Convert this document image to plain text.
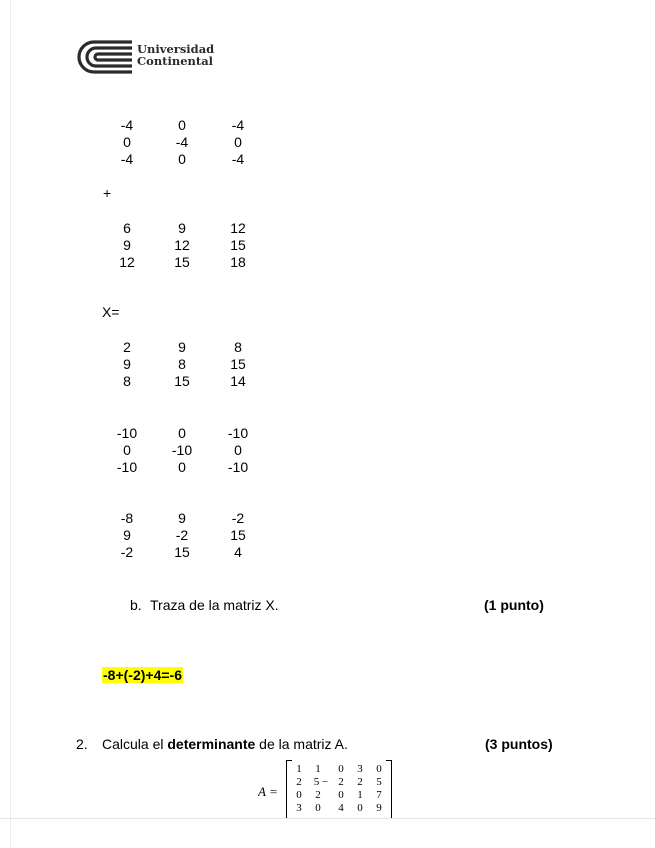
Universidad
Continental
-4	0	-4
0	-4	0
-4	0	-4
+
6	9	12
9	12	15
12	15	18
X=
2	9	8
9	8	15
8	15	14
-10	0	-10
0	-10	0
-10	0	-10
-8	9	-2
9	-2	15
-2	15	4
b. Traza de la matriz X.	(1 punto)
-8+(-2)+4=-6
2. Calcula el determinante de la matriz A.	(3 puntos)
A =
1	1	0	3	0
2	5 − 2	2	5
0	2	0	1	7
3	0	4	0	9
